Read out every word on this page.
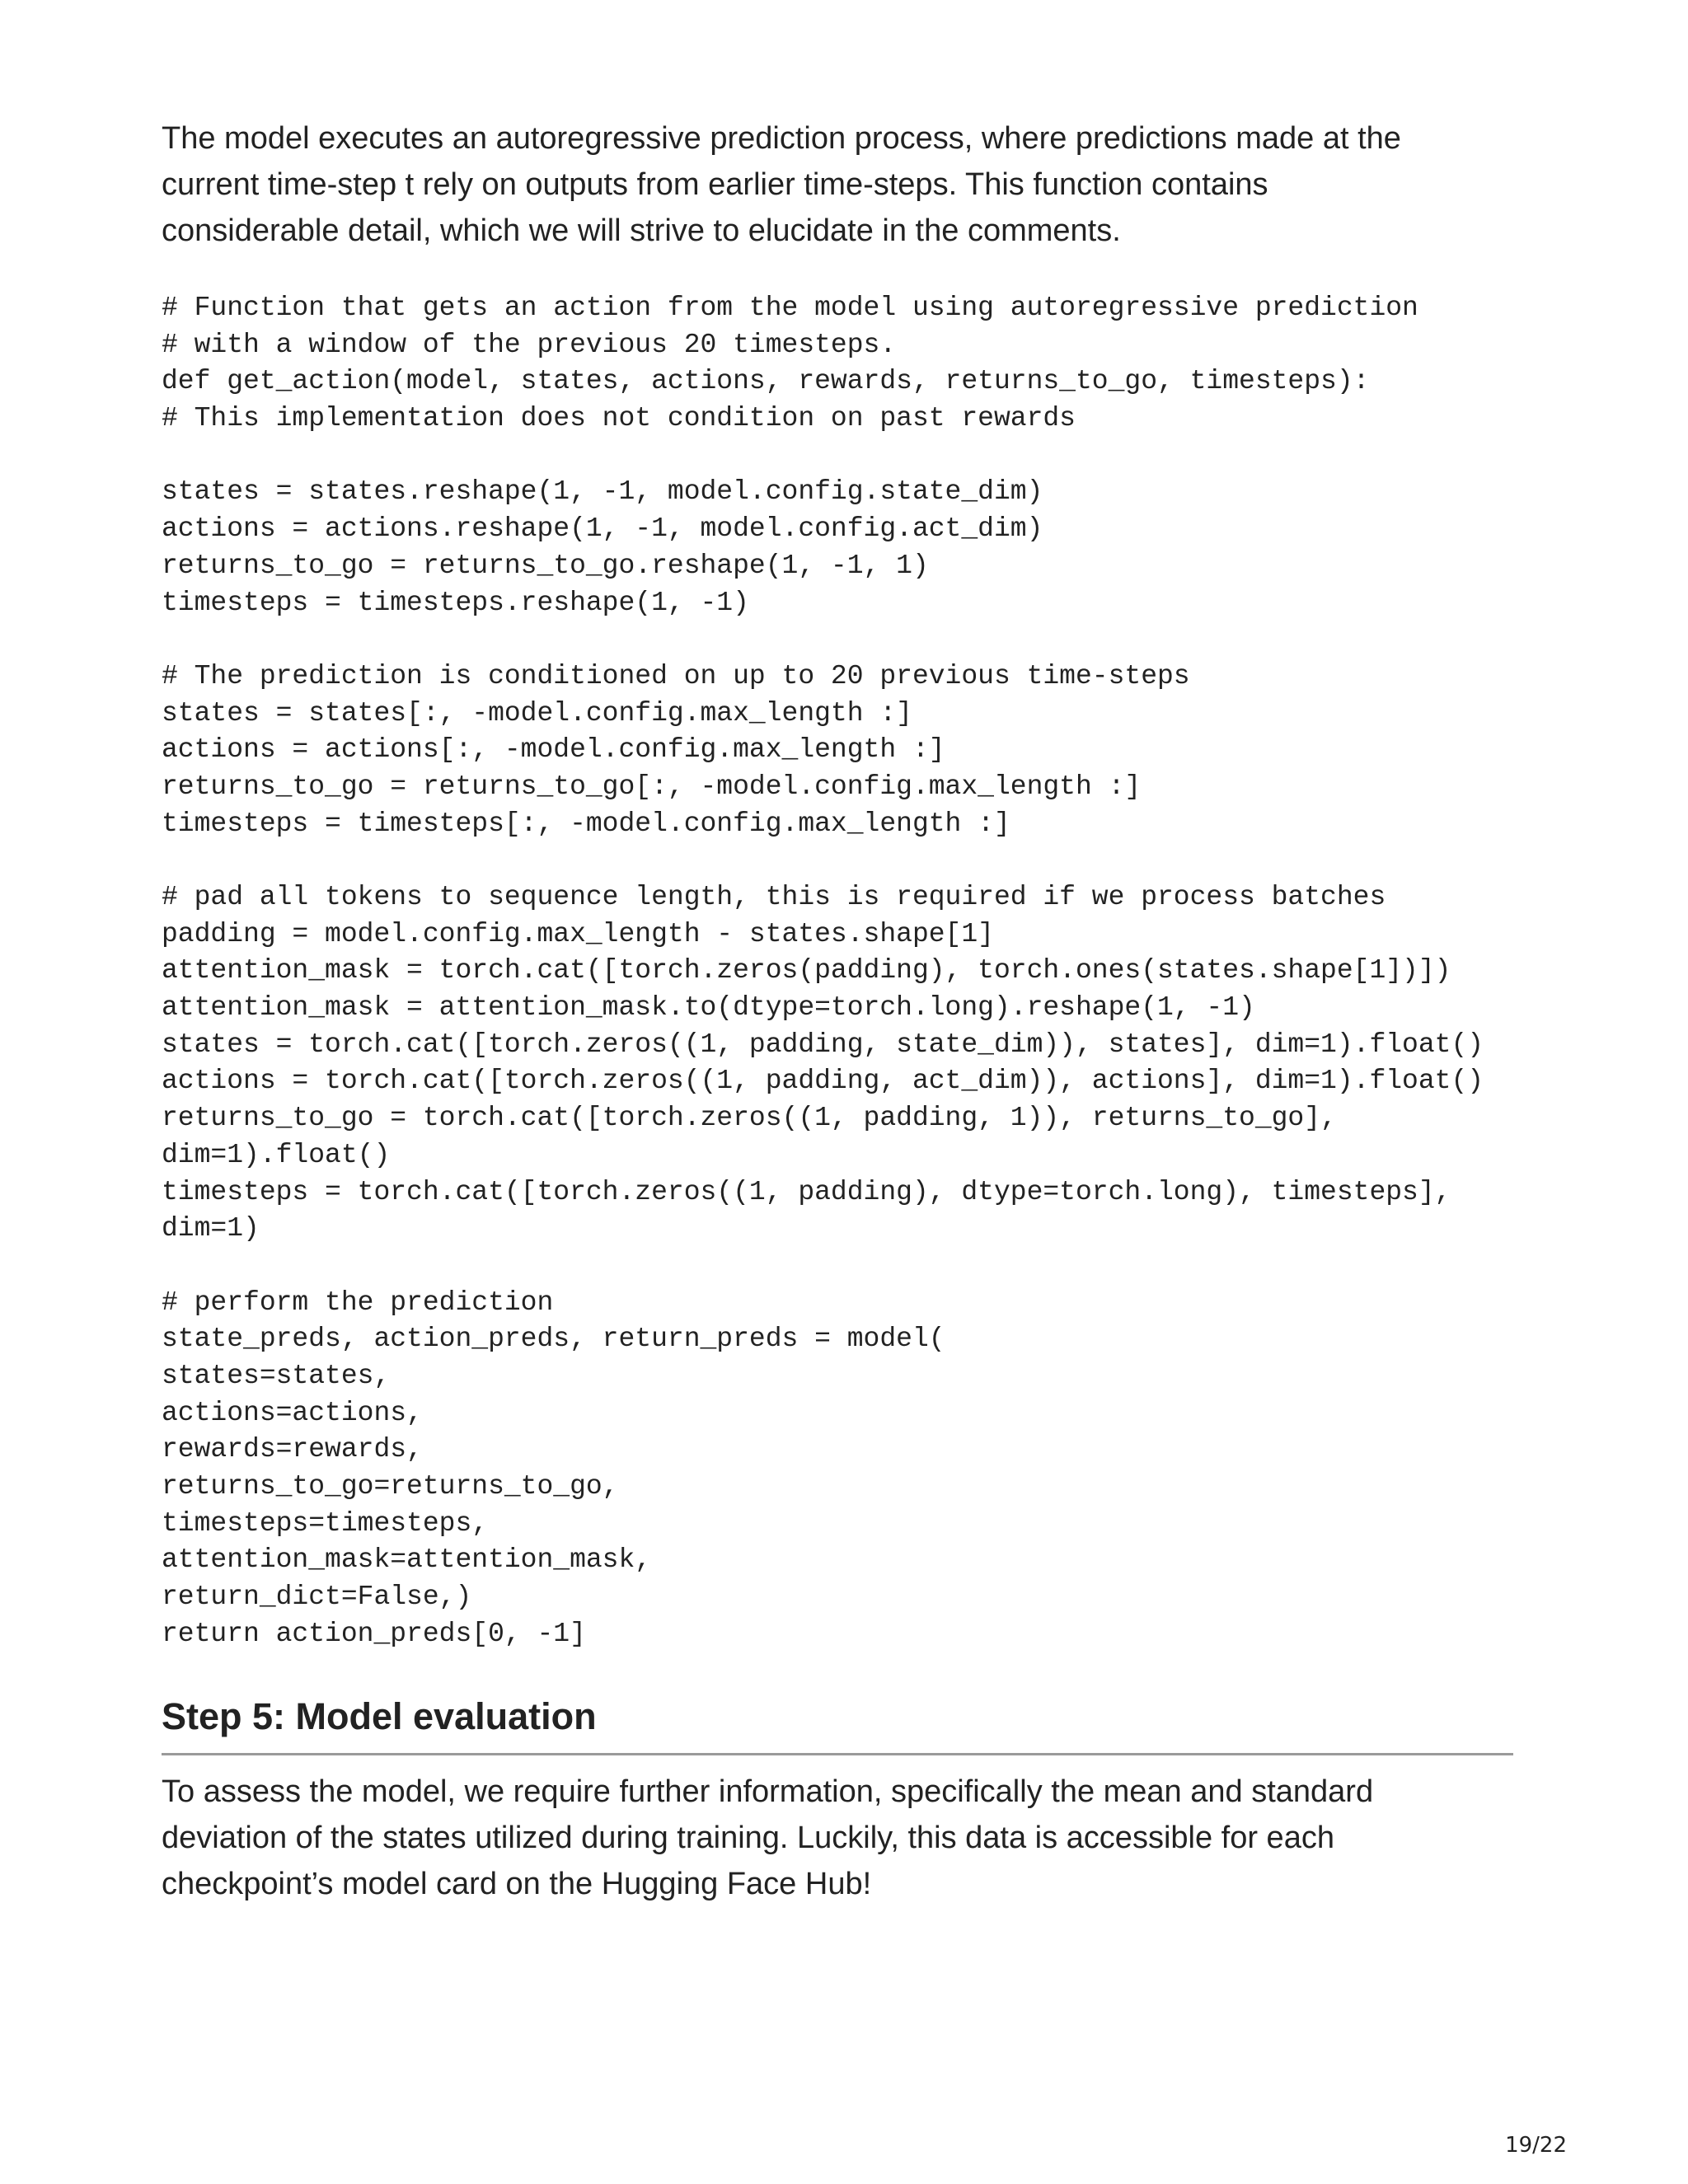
The model executes an autoregressive prediction process, where predictions made at the
current time-step t rely on outputs from earlier time-steps. This function contains
considerable detail, which we will strive to elucidate in the comments.

# Function that gets an action from the model using autoregressive prediction
# with a window of the previous 20 timesteps.
def get_action(model, states, actions, rewards, returns_to_go, timesteps):
# This implementation does not condition on past rewards
states = states.reshape(1, -1, model.config.state_dim)
actions = actions.reshape(1, -1, model.config.act_dim)
returns_to_go = returns_to_go.reshape(1, -1, 1)
timesteps = timesteps.reshape(1, -1)
# The prediction is conditioned on up to 20 previous time-steps
states = states[:, -model.config.max_length :]
actions = actions[:, -model.config.max_length :]
returns_to_go = returns_to_go[:, -model.config.max_length :]
timesteps = timesteps[:, -model.config.max_length :]
# pad all tokens to sequence length, this is required if we process batches
padding = model.config.max_length - states.shape[1]
attention_mask = torch.cat([torch.zeros(padding), torch.ones(states.shape[1])])
attention_mask = attention_mask.to(dtype=torch.long).reshape(1, -1)
states = torch.cat([torch.zeros((1, padding, state_dim)), states], dim=1).float()
actions = torch.cat([torch.zeros((1, padding, act_dim)), actions], dim=1).float()
returns_to_go = torch.cat([torch.zeros((1, padding, 1)), returns_to_go],
dim=1).float()
timesteps = torch.cat([torch.zeros((1, padding), dtype=torch.long), timesteps],
dim=1)
# perform the prediction
state_preds, action_preds, return_preds = model(
states=states,
actions=actions,
rewards=rewards,
returns_to_go=returns_to_go,
timesteps=timesteps,
attention_mask=attention_mask,
return_dict=False,)
return action_preds[0, -1]
Step 5: Model evaluation

To assess the model, we require further information, specifically the mean and standard
deviation of the states utilized during training. Luckily, this data is accessible for each
checkpoint’s model card on the Hugging Face Hub!

19/22
